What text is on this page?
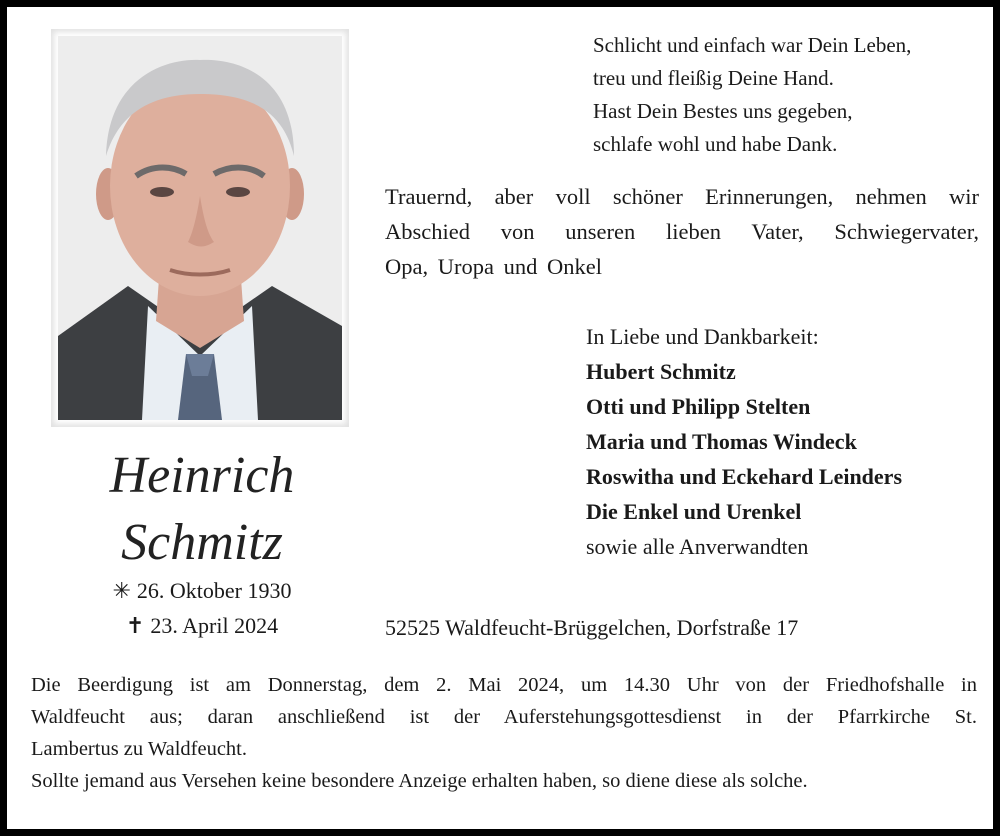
Schlicht und einfach war Dein Leben,
treu und fleißig Deine Hand.
Hast Dein Bestes uns gegeben,
schlafe wohl und habe Dank.
Trauernd, aber voll schöner Erinnerungen, nehmen wir
Abschied von unseren lieben Vater, Schwiegervater,
Opa, Uropa und Onkel
In Liebe und Dankbarkeit:
Hubert Schmitz
Otti und Philipp Stelten
Maria und Thomas Windeck
Roswitha und Eckehard Leinders
Die Enkel und Urenkel
sowie alle Anverwandten
Heinrich
Schmitz
✳ 26. Oktober 1930
✝ 23. April 2024	52525 Waldfeucht-Brüggelchen, Dorfstraße 17
Die Beerdigung ist am Donnerstag, dem 2. Mai 2024, um 14.30 Uhr von der Friedhofshalle in
Waldfeucht aus; daran anschließend ist der Auferstehungsgottesdienst in der Pfarrkirche St.
Lambertus zu Waldfeucht.
Sollte jemand aus Versehen keine besondere Anzeige erhalten haben, so diene diese als solche.
